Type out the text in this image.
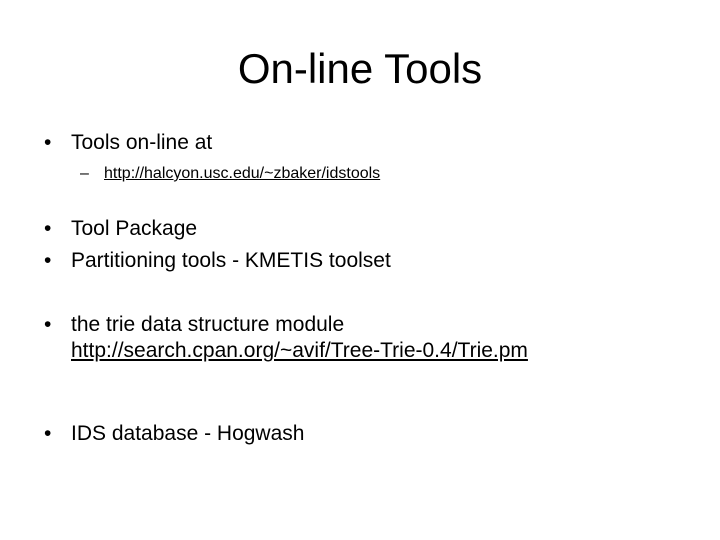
On-line Tools
• Tools on-line at
– http://halcyon.usc.edu/~zbaker/idstools
• Tool Package
• Partitioning tools - KMETIS toolset
• the trie data structure module
http://search.cpan.org/~avif/Tree-Trie-0.4/Trie.pm
• IDS database - Hogwash
